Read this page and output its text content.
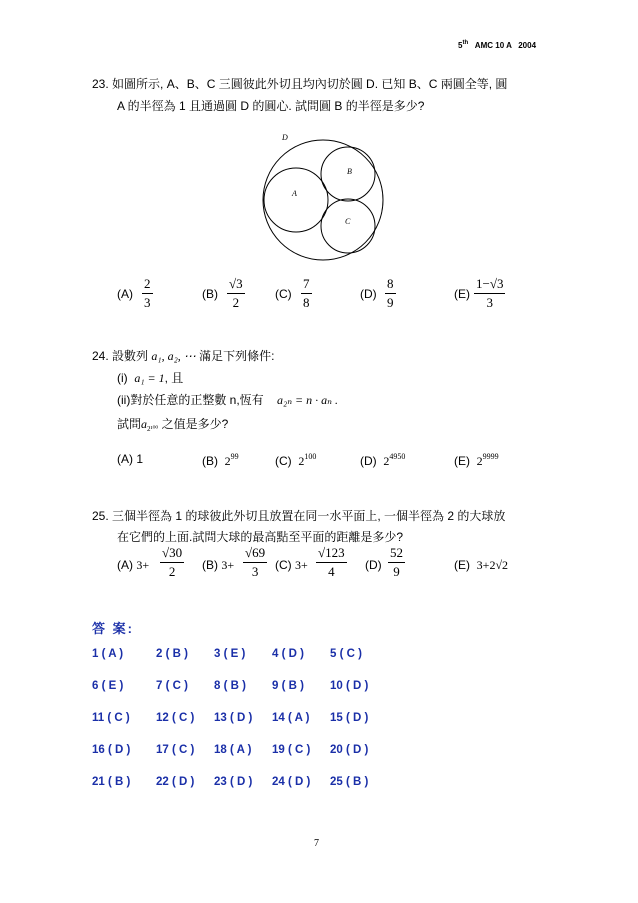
5th AMC 10 A 2004
23. 如圖所示, A、B、C 三圓彼此外切且均內切於圓 D. 已知 B、C 兩圓全等, 圓
A 的半徑為 1 且通過圓 D 的圓心. 試問圓 B 的半徑是多少?
D
A
B
C
(A)
2
3
(B)
√3
2
(C)
7
8
(D)
8
9
(E)
1−√3
3
24. 設數列 a₁, a₂, ⋯ 滿足下列條件:
(i) a₁ = 1, 且
(ii)對於任意的正整數 n,恆有 a₂ₙ = n · aₙ .
試問$a_{2^{100}}$ 之值是多少?
(A) 1	(B) $2^{99}$	(C) $2^{100}$	(D) $2^{4950}$	(E) $2^{9999}$
25. 三個半徑為 1 的球彼此外切且放置在同一水平面上, 一個半徑為 2 的大球放
在它們的上面.試問大球的最高點至平面的距離是多少?
(A) 3+
√30
2	(B) 3+
√69
3	(C) 3+
√123
4	(D)
52
9	(E) 3+2√2
答 案:
1 ( A )	2 ( B ) 3 ( E ) 4 ( D ) 5 ( C )
6 ( E )	7 ( C ) 8 ( B ) 9 ( B ) 10 ( D )
11 ( C ) 12 ( C ) 13 ( D ) 14 ( A ) 15 ( D )
16 ( D ) 17 ( C ) 18 ( A ) 19 ( C ) 20 ( D )
21 ( B ) 22 ( D ) 23 ( D ) 24 ( D ) 25 ( B )
7
